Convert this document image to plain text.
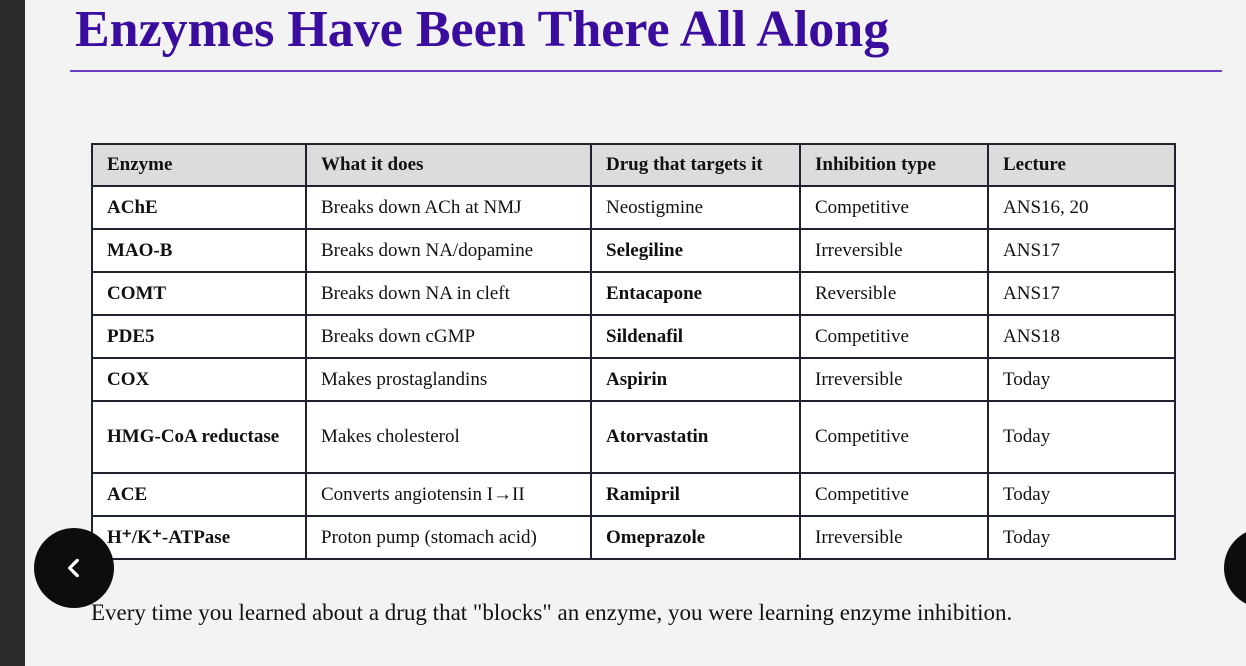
Enzymes Have Been There All Along
Enzyme	What it does	Drug that targets it	Inhibition type	Lecture
AChE	Breaks down ACh at NMJ	Neostigmine	Competitive	ANS16, 20
MAO-B	Breaks down NA/dopamine	Selegiline	Irreversible	ANS17
COMT	Breaks down NA in cleft	Entacapone	Reversible	ANS17
PDE5	Breaks down cGMP	Sildenafil	Competitive	ANS18
COX	Makes prostaglandins	Aspirin	Irreversible	Today
HMG-CoA reductase	Makes cholesterol	Atorvastatin	Competitive	Today
ACE	Converts angiotensin I→II	Ramipril	Competitive	Today
H⁺/K⁺-ATPase	Proton pump (stomach acid)	Omeprazole	Irreversible	Today
Every time you learned about a drug that "blocks" an enzyme, you were learning enzyme inhibition.
